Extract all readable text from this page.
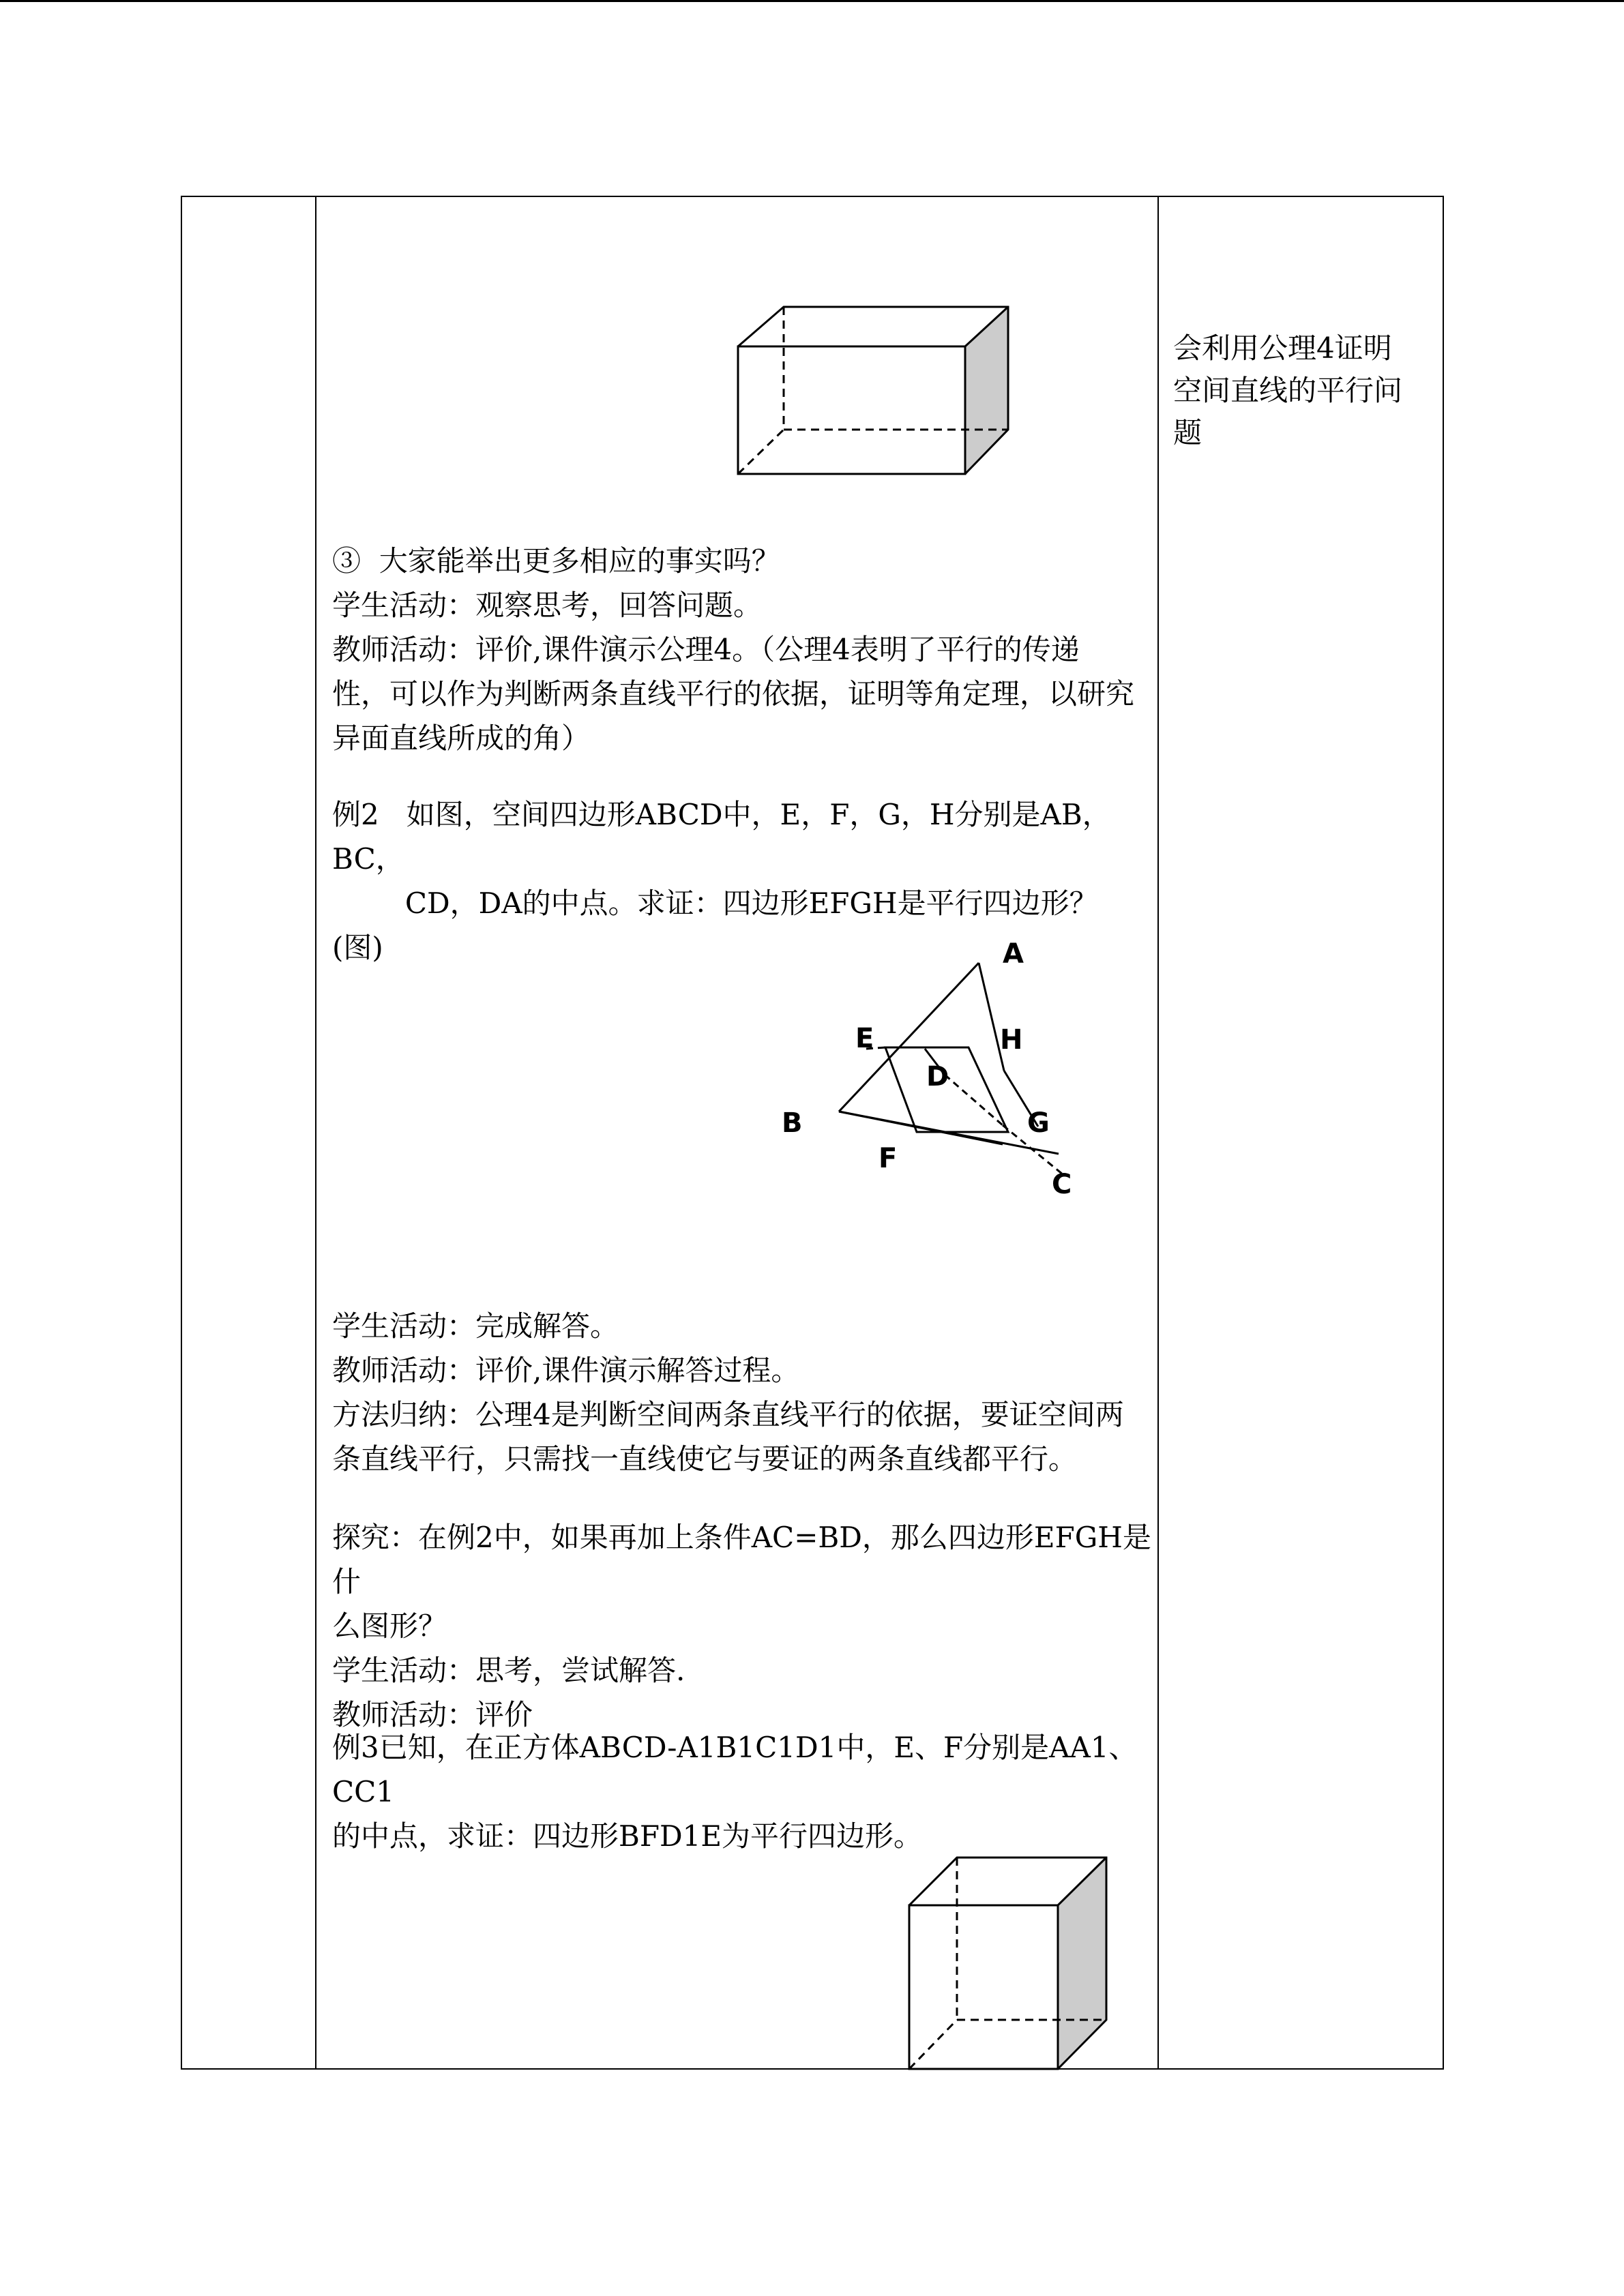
会利用公理4证明空间直线的平行问题
③  大家能举出更多相应的事实吗？
学生活动：观察思考，回答问题。
教师活动：评价,课件演示公理4。（公理4表明了平行的传递
性，可以作为判断两条直线平行的依据，证明等角定理，以研究
异面直线所成的角）
例2   如图，空间四边形ABCD中，E，F，G，H分别是AB，BC，
CD，DA的中点。求证：四边形EFGH是平行四边形？
(图)	A
B
C
D
E
F
G
H
学生活动：完成解答。
教师活动：评价,课件演示解答过程。
方法归纳：公理4是判断空间两条直线平行的依据，要证空间两
条直线平行，只需找一直线使它与要证的两条直线都平行。
探究：在例2中，如果再加上条件AC=BD，那么四边形EFGH是什
么图形？
学生活动：思考，尝试解答.
教师活动：评价
例3已知，在正方体ABCD-A1B1C1D1中，E、F分别是AA1、CC1
的中点，求证：四边形BFD1E为平行四边形。
